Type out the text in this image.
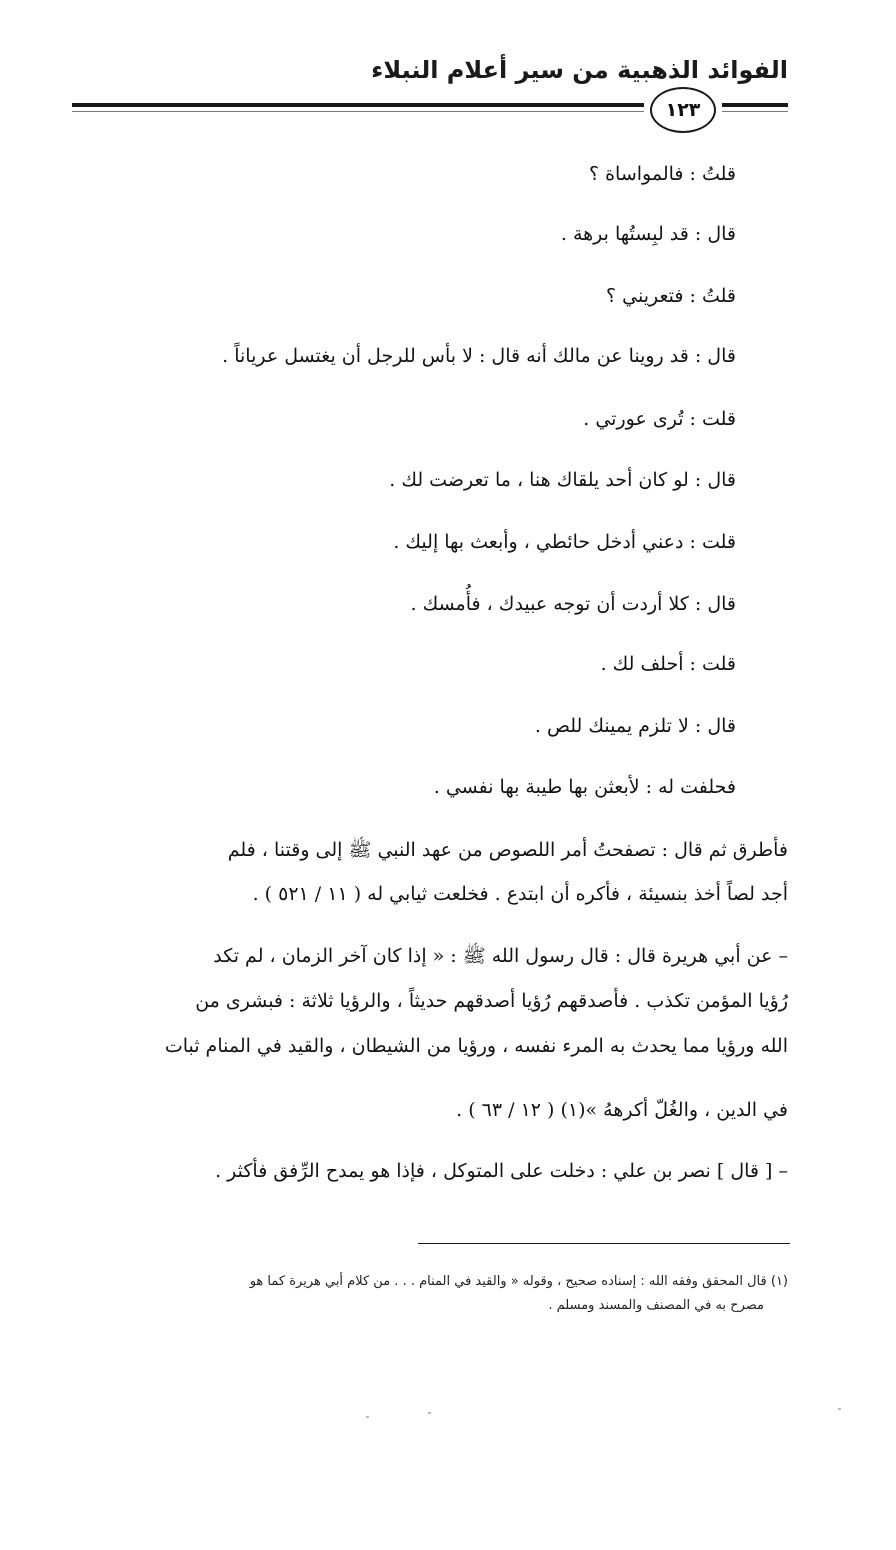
الفوائد الذهبية من سير أعلام النبلاء
١٢٣
قلتُ : فالمواساة ؟
قال : قد لبِستُها برهة .
قلتُ : فتعريني ؟
قال : قد روينا عن مالك أنه قال : لا بأس للرجل أن يغتسل عرياناً .
قلت : تُرى عورتي .
قال : لو كان أحد يلقاك هنا ، ما تعرضت لك .
قلت : دعني أدخل حائطي ، وأبعث بها إليك .
قال : كلا أردت أن توجه عبيدك ، فأُمسك .
قلت : أحلف لك .
قال : لا تلزم يمينك للص .
فحلفت له : لأبعثن بها طيبة بها نفسي .
فأطرق ثم قال : تصفحتُ أمر اللصوص من عهد النبي ﷺ إلى وقتنا ، فلم
أجد لصاً أخذ بنسيئة ، فأكره أن ابتدع . فخلعت ثيابي له ( ١١ / ٥٢١ ) .
– عن أبي هريرة قال : قال رسول الله ﷺ : « إذا كان آخر الزمان ، لم تكد
رُؤيا المؤمن تكذب . فأصدقهم رُؤيا أصدقهم حديثاً ، والرؤيا ثلاثة : فبشرى من
الله ورؤيا مما يحدث به المرء نفسه ، ورؤيا من الشيطان ، والقيد في المنام ثبات
في الدين ، والغُلّ أكرههُ »(١) ( ١٢ / ٦٣ ) .
– [ قال ] نصر بن علي : دخلت على المتوكل ، فإذا هو يمدح الرِّفق فأكثر .
(١) قال المحقق وفقه الله : إسناده صحيح ، وقوله « والقيد في المنام . . . من كلام أبي هريرة كما هو
مصرح به في المصنف والمسند ومسلم .
